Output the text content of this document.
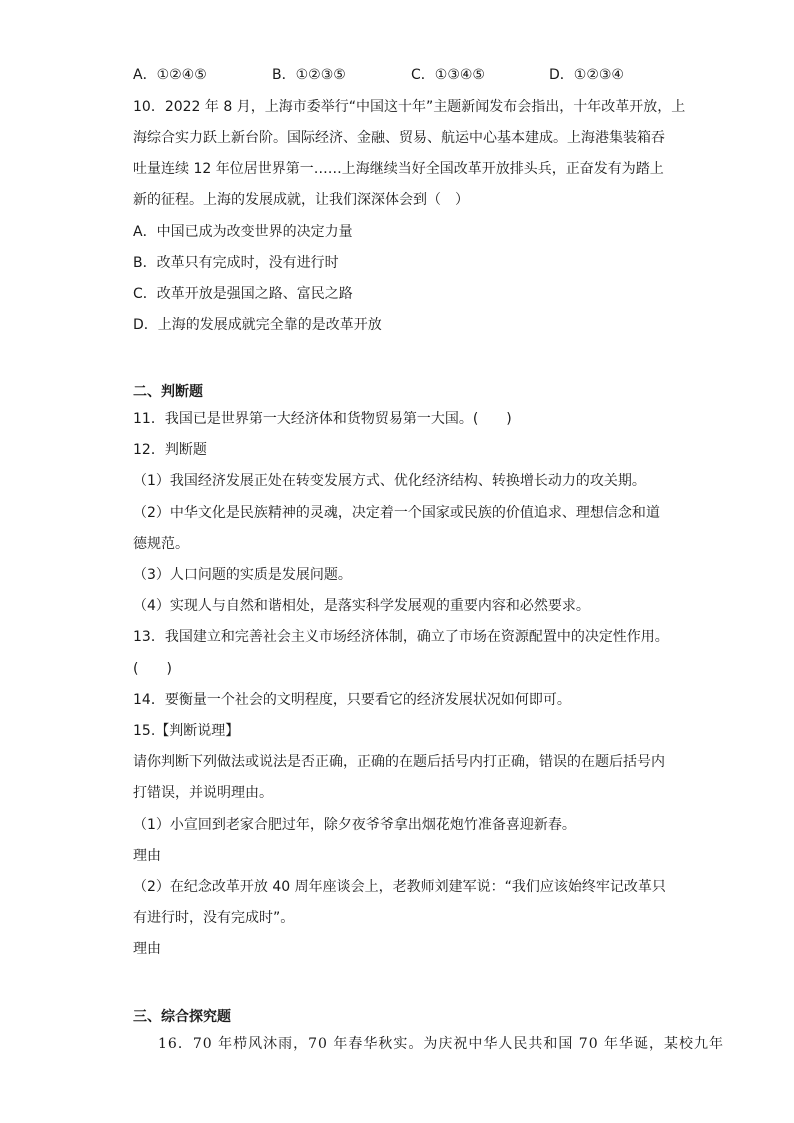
A．①②④⑤	B．①②③⑤	C．①③④⑤	D．①②③④
10．2022 年 8 月，上海市委举行“中国这十年”主题新闻发布会指出，十年改革开放，上
海综合实力跃上新台阶。国际经济、金融、贸易、航运中心基本建成。上海港集装箱吞
吐量连续 12 年位居世界第一……上海继续当好全国改革开放排头兵，正奋发有为踏上
新的征程。上海的发展成就，让我们深深体会到（　）
A．中国已成为改变世界的决定力量
B．改革只有完成时，没有进行时
C．改革开放是强国之路、富民之路
D．上海的发展成就完全靠的是改革开放
二、判断题
11．我国已是世界第一大经济体和货物贸易第一大国。(　　)
12．判断题
（1）我国经济发展正处在转变发展方式、优化经济结构、转换增长动力的攻关期。
（2）中华文化是民族精神的灵魂，决定着一个国家或民族的价值追求、理想信念和道
德规范。
（3）人口问题的实质是发展问题。
（4）实现人与自然和谐相处，是落实科学发展观的重要内容和必然要求。
13．我国建立和完善社会主义市场经济体制，确立了市场在资源配置中的决定性作用。
(　　)
14．要衡量一个社会的文明程度，只要看它的经济发展状况如何即可。
15.【判断说理】
请你判断下列做法或说法是否正确，正确的在题后括号内打正确，错误的在题后括号内
打错误，并说明理由。
（1）小宣回到老家合肥过年，除夕夜爷爷拿出烟花炮竹准备喜迎新春。
理由
（2）在纪念改革开放 40 周年座谈会上，老教师刘建军说：“我们应该始终牢记改革只
有进行时，没有完成时”。
理由
三、综合探究题
16．70 年栉风沐雨，70 年春华秋实。为庆祝中华人民共和国 70 年华诞，某校九年
